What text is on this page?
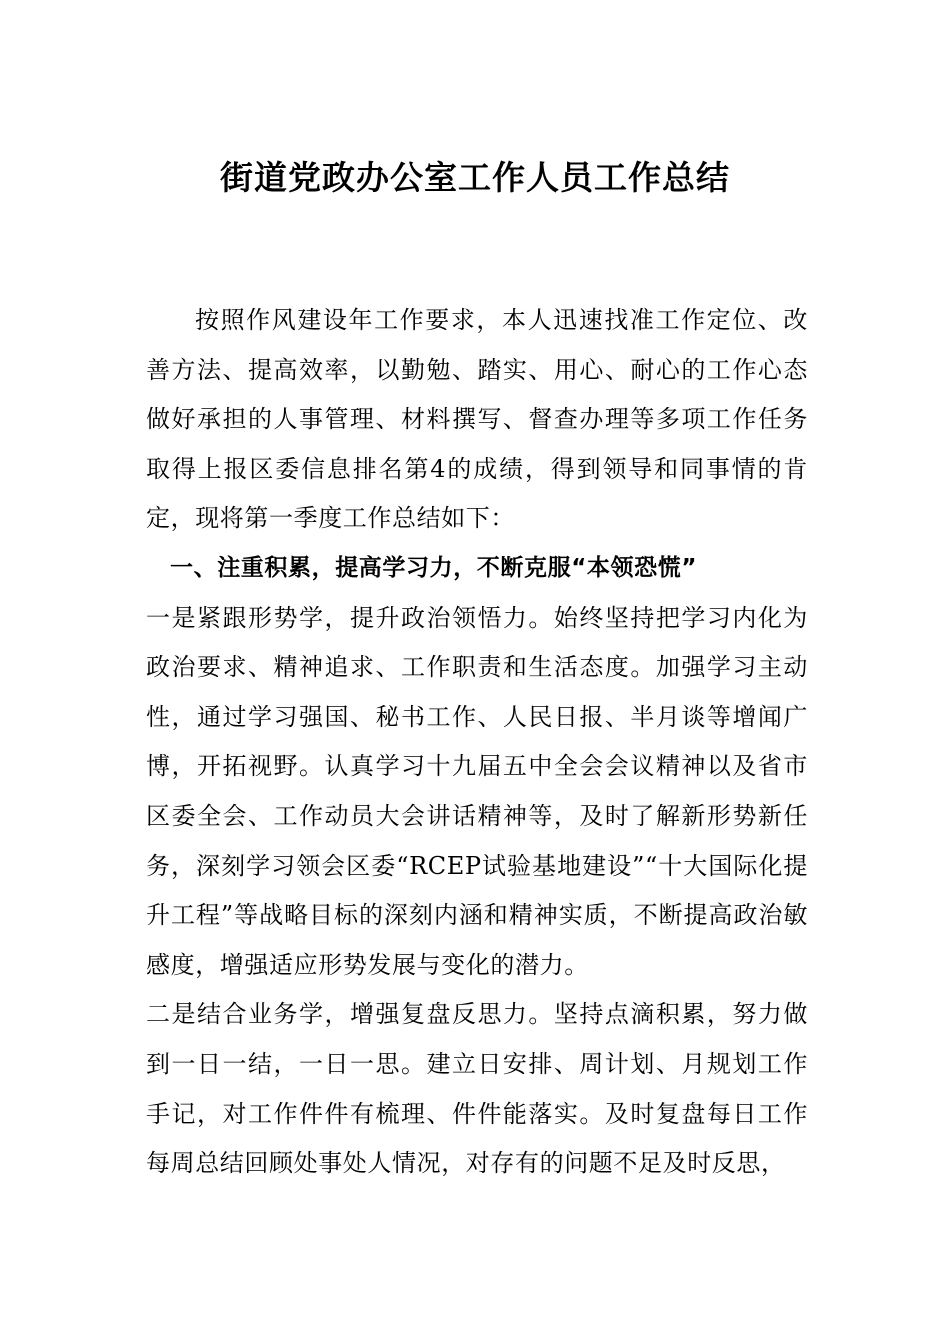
街道党政办公室工作人员工作总结

按照作风建设年工作要求，本人迅速找准工作定位、改善方法、提高效率，以勤勉、踏实、用心、耐心的工作心态做好承担的人事管理、材料撰写、督查办理等多项工作任务取得上报区委信息排名第4的成绩，得到领导和同事情的肯定，现将第一季度工作总结如下：

一、注重积累，提高学习力，不断克服“本领恐慌”

一是紧跟形势学，提升政治领悟力。始终坚持把学习内化为政治要求、精神追求、工作职责和生活态度。加强学习主动性，通过学习强国、秘书工作、人民日报、半月谈等增闻广博，开拓视野。认真学习十九届五中全会会议精神以及省市区委全会、工作动员大会讲话精神等，及时了解新形势新任务，深刻学习领会区委“RCEP试验基地建设”“十大国际化提升工程”等战略目标的深刻内涵和精神实质，不断提高政治敏感度，增强适应形势发展与变化的潜力。

二是结合业务学，增强复盘反思力。坚持点滴积累，努力做到一日一结，一日一思。建立日安排、周计划、月规划工作手记，对工作件件有梳理、件件能落实。及时复盘每日工作每周总结回顾处事处人情况，对存有的问题不足及时反思，
